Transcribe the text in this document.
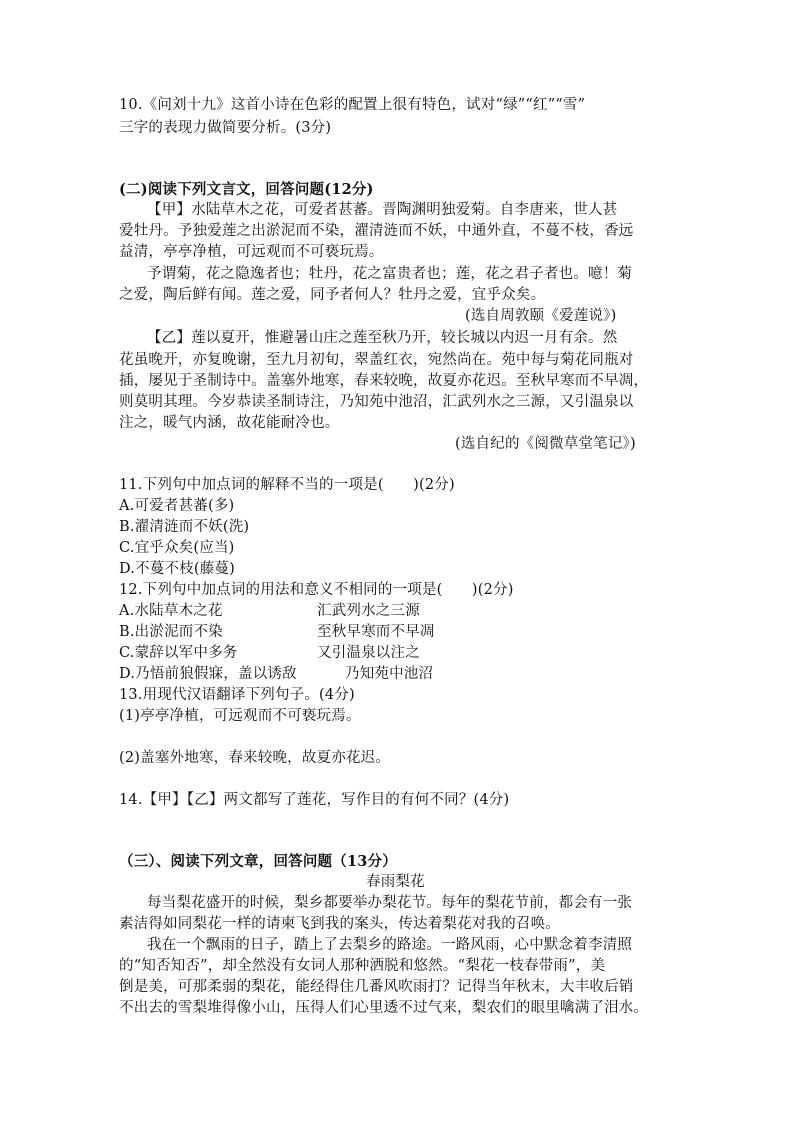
10.《问刘十九》这首小诗在色彩的配置上很有特色，试对“绿”“红”“雪”
三字的表现力做简要分析。(3分)
(二)阅读下列文言文，回答问题(12分)
【甲】水陆草木之花，可爱者甚蕃。晋陶渊明独爱菊。自李唐来，世人甚
爱牡丹。予独爱莲之出淤泥而不染，濯清涟而不妖，中通外直，不蔓不枝，香远
益清，亭亭净植，可远观而不可亵玩焉。
予谓菊，花之隐逸者也；牡丹，花之富贵者也；莲，花之君子者也。噫！菊
之爱，陶后鲜有闻。莲之爱，同予者何人？牡丹之爱，宜乎众矣。
(选自周敦颐《爱莲说》)
【乙】莲以夏开，惟避暑山庄之莲至秋乃开，较长城以内迟一月有余。然
花虽晚开，亦复晚谢，至九月初旬，翠盖红衣，宛然尚在。苑中每与菊花同瓶对
插，屡见于圣制诗中。盖塞外地寒，春来较晚，故夏亦花迟。至秋早寒而不早凋，
则莫明其理。今岁恭读圣制诗注，乃知苑中池沼，汇武列水之三源，又引温泉以
注之，暖气内涵，故花能耐冷也。
(选自纪的《阅微草堂笔记》)
11.下列句中加点词的解释不当的一项是(　　)(2分)
A.可爱者甚蕃(多)
B.濯清涟而不妖(洗)
C.宜乎众矣(应当)
D.不蔓不枝(藤蔓)
12.下列句中加点词的用法和意义不相同的一项是(　　)(2分)
A.水陆草木之花	汇武列水之三源
B.出淤泥而不染	至秋早寒而不早凋
C.蒙辞以军中多务	又引温泉以注之
D.乃悟前狼假寐，盖以诱敌	乃知苑中池沼
13.用现代汉语翻译下列句子。(4分)
(1)亭亭净植，可远观而不可亵玩焉。
(2)盖塞外地寒，春来较晚，故夏亦花迟。
14.【甲】【乙】两文都写了莲花，写作目的有何不同？(4分)
（三）、阅读下列文章，回答问题（13分）
春雨梨花
每当梨花盛开的时候，梨乡都要举办梨花节。每年的梨花节前，都会有一张
素洁得如同梨花一样的请柬飞到我的案头，传达着梨花对我的召唤。
我在一个飘雨的日子，踏上了去梨乡的路途。一路风雨，心中默念着李清照
的“知否知否”，却全然没有女词人那种洒脱和悠然。“梨花一枝春带雨”，美
倒是美，可那柔弱的梨花，能经得住几番风吹雨打？记得当年秋末，大丰收后销
不出去的雪梨堆得像小山，压得人们心里透不过气来，梨农们的眼里噙满了泪水。
